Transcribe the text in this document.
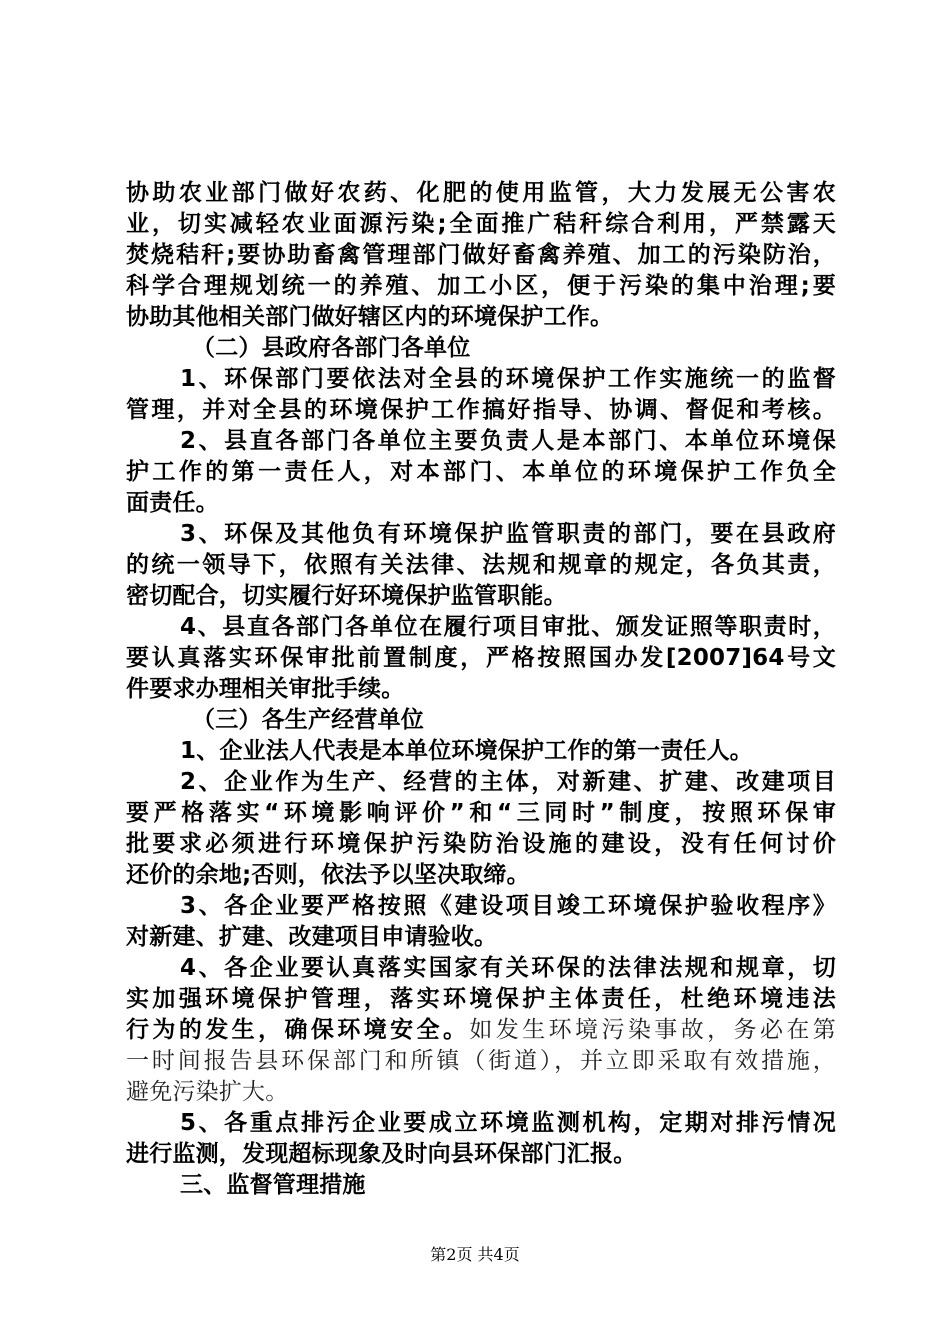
协助农业部门做好农药、化肥的使用监管，大力发展无公害农
业，切实减轻农业面源污染;全面推广秸秆综合利用，严禁露天
焚烧秸秆;要协助畜禽管理部门做好畜禽养殖、加工的污染防治，
科学合理规划统一的养殖、加工小区，便于污染的集中治理;要
协助其他相关部门做好辖区内的环境保护工作。
（二）县政府各部门各单位
1、环保部门要依法对全县的环境保护工作实施统一的监督
管理，并对全县的环境保护工作搞好指导、协调、督促和考核。
2、县直各部门各单位主要负责人是本部门、本单位环境保
护工作的第一责任人，对本部门、本单位的环境保护工作负全
面责任。
3、环保及其他负有环境保护监管职责的部门，要在县政府
的统一领导下，依照有关法律、法规和规章的规定，各负其责，
密切配合，切实履行好环境保护监管职能。
4、县直各部门各单位在履行项目审批、颁发证照等职责时，
要认真落实环保审批前置制度，严格按照国办发[2007]64号文
件要求办理相关审批手续。
（三）各生产经营单位
1、企业法人代表是本单位环境保护工作的第一责任人。
2、企业作为生产、经营的主体，对新建、扩建、改建项目
要严格落实“环境影响评价”和“三同时”制度，按照环保审
批要求必须进行环境保护污染防治设施的建设，没有任何讨价
还价的余地;否则，依法予以坚决取缔。
3、各企业要严格按照《建设项目竣工环境保护验收程序》
对新建、扩建、改建项目申请验收。
4、各企业要认真落实国家有关环保的法律法规和规章，切
实加强环境保护管理，落实环境保护主体责任，杜绝环境违法
行为的发生，确保环境安全。如发生环境污染事故，务必在第
一时间报告县环保部门和所镇（街道），并立即采取有效措施，
避免污染扩大。
5、各重点排污企业要成立环境监测机构，定期对排污情况
进行监测，发现超标现象及时向县环保部门汇报。
三、监督管理措施
第2页 共4页
